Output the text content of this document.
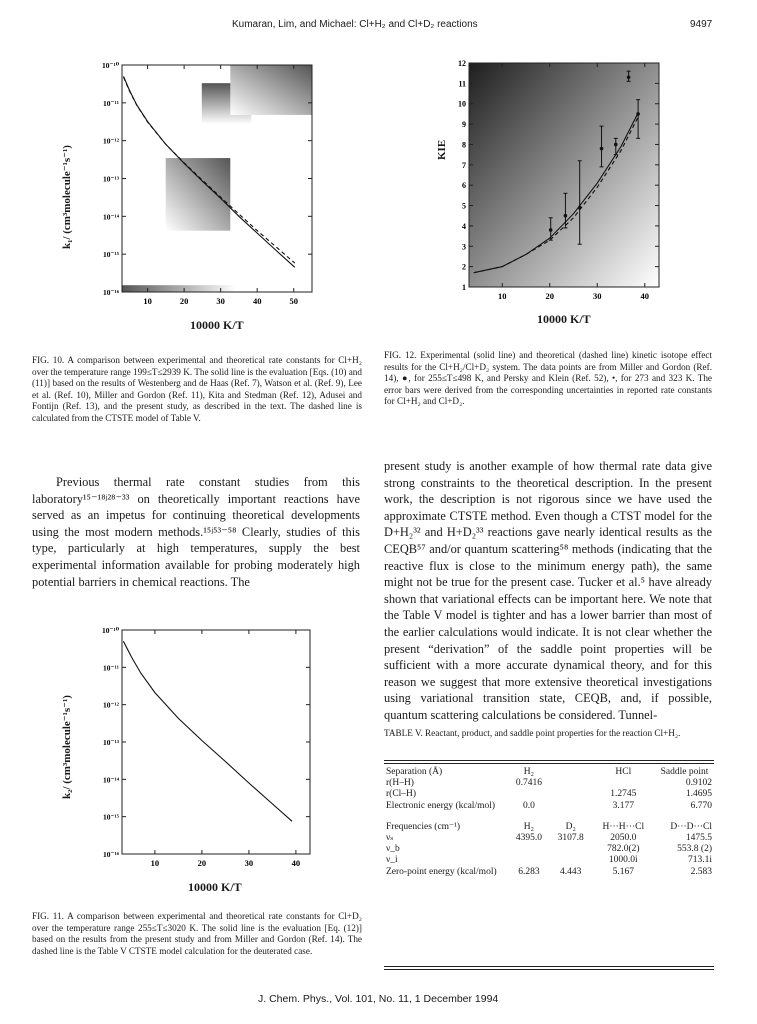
Kumaran, Lim, and Michael: Cl+H₂ and Cl+D₂ reactions	9497
k₁/ (cm³molecule⁻¹s⁻¹)
10⁻¹⁰
10⁻¹¹
10⁻¹²
10⁻¹³
10⁻¹⁴
10⁻¹⁵
10⁻¹⁶
10	20	30	40	50
10000 K/T
FIG. 10. A comparison between experimental and theoretical rate constants for Cl+H₂ over the temperature range 199≤T≤2939 K. The solid line is the evaluation [Eqs. (10) and (11)] based on the results of Westenberg and de Haas (Ref. 7), Watson et al. (Ref. 9), Lee et al. (Ref. 10), Miller and Gordon (Ref. 11), Kita and Stedman (Ref. 12), Adusei and Fontijn (Ref. 13), and the present study, as described in the text. The dashed line is calculated from the CTSTE model of Table V.
KIE
1
2
3
4
5
6
7
8
9
10
11
12
10	20	30	40
10000 K/T
FIG. 12. Experimental (solid line) and theoretical (dashed line) kinetic isotope effect results for the Cl+H₂/Cl+D₂ system. The data points are from Miller and Gordon (Ref. 14), ●, for 255≤T≤498 K, and Persky and Klein (Ref. 52), •, for 273 and 323 K. The error bars were derived from the corresponding uncertainties in reported rate constants for Cl+H₂ and Cl+D₂.
Previous thermal rate constant studies from this laboratory¹⁵⁻¹⁸ʲ²⁸⁻³³ on theoretically important reactions have served as an impetus for continuing theoretical developments using the most modern methods.¹⁵ʲ⁵³⁻⁵⁸ Clearly, studies of this type, particularly at high temperatures, supply the best experimental information available for probing moderately high potential barriers in chemical reactions. The
present study is another example of how thermal rate data give strong constraints to the theoretical description. In the present work, the description is not rigorous since we have used the approximate CTSTE method. Even though a CTST model for the D+H₂³² and H+D₂³³ reactions gave nearly identical results as the CEQB⁵⁷ and/or quantum scattering⁵⁸ methods (indicating that the reactive flux is close to the minimum energy path), the same might not be true for the present case. Tucker et al.⁵ have already shown that variational effects can be important here. We note that the Table V model is tighter and has a lower barrier than most of the earlier calculations would indicate. It is not clear whether the present “derivation” of the saddle point properties will be sufficient with a more accurate dynamical theory, and for this reason we suggest that more extensive theoretical investigations using variational transition state, CEQB, and, if possible, quantum scattering calculations be considered. Tunnel-
k₂/ (cm³molecule⁻¹s⁻¹)
10⁻¹⁰
10⁻¹¹
10⁻¹²
10⁻¹³
10⁻¹⁴
10⁻¹⁵
10⁻¹⁶
10	20	30	40
10000 K/T
FIG. 11. A comparison between experimental and theoretical rate constants for Cl+D₂ over the temperature range 255≤T≤3020 K. The solid line is the evaluation [Eq. (12)] based on the results from the present study and from Miller and Gordon (Ref. 14). The dashed line is the Table V CTSTE model calculation for the deuterated case.
TABLE V. Reactant, product, and saddle point properties for the reaction Cl+H₂.
Separation (Å)	H₂		HCl	Saddle point
r(H–H)	0.7416			0.9102
r(Cl–H)			1.2745	1.4695
Electronic energy (kcal/mol)	0.0		3.177	6.770

Frequencies (cm⁻¹)	H₂	D₂	H···H···Cl	D···D···Cl
νₛ	4395.0	3107.8	2050.0	1475.5
ν_b			782.0(2)	553.8 (2)
ν_i			1000.0i	713.1i
Zero-point energy (kcal/mol)	6.283	4.443	5.167	2.583
J. Chem. Phys., Vol. 101, No. 11, 1 December 1994
